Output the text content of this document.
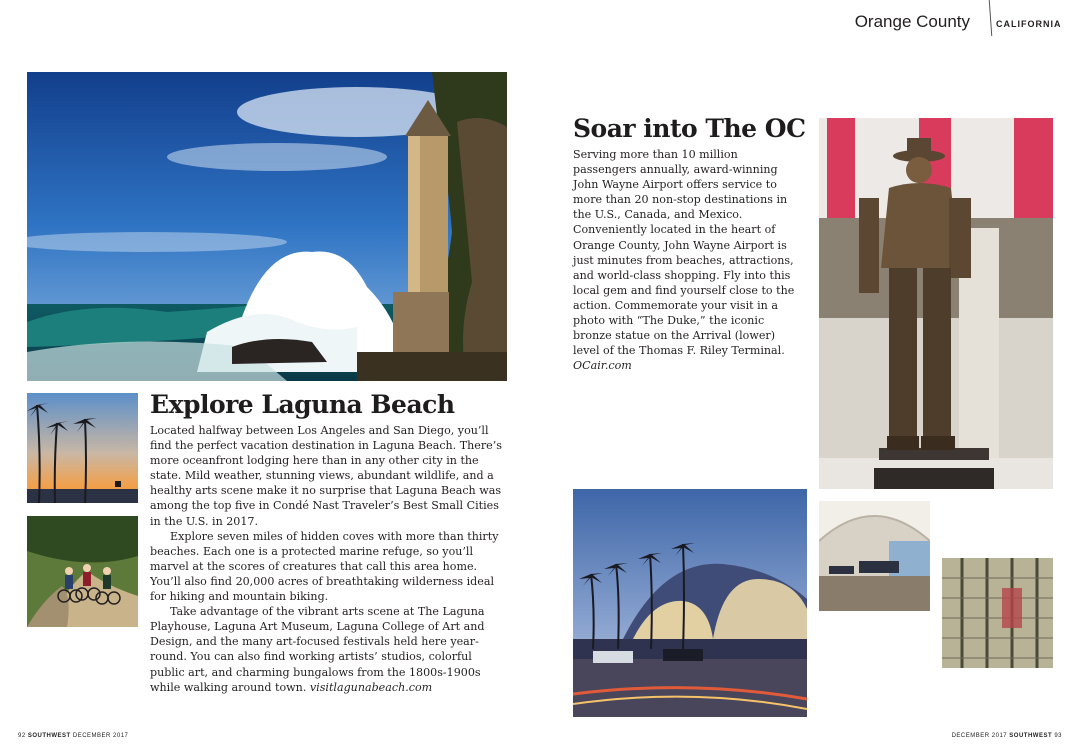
Orange County	CALIFORNIA
Explore Laguna Beach

Located halfway between Los Angeles and San Diego, you’ll find the perfect vacation destination in Laguna Beach. There’s more oceanfront lodging here than in any other city in the state. Mild weather, stunning views, abundant wildlife, and a healthy arts scene make it no surprise that Laguna Beach was among the top five in Condé Nast Traveler’s Best Small Cities in the U.S. in 2017.

Explore seven miles of hidden coves with more than thirty beaches. Each one is a protected marine refuge, so you’ll marvel at the scores of creatures that call this area home. You’ll also find 20,000 acres of breathtaking wilderness ideal for hiking and mountain biking.

Take advantage of the vibrant arts scene at The Laguna Playhouse, Laguna Art Museum, Laguna College of Art and Design, and the many art-focused festivals held here year-round. You can also find working artists’ studios, colorful public art, and charming bungalows from the 1800s-1900s while walking around town. visitlagunabeach.com

Soar into The OC

Serving more than 10 million passengers annually, award-winning John Wayne Airport offers service to more than 20 non-stop destinations in the U.S., Canada, and Mexico. Conveniently located in the heart of Orange County, John Wayne Airport is just minutes from beaches, attractions, and world-class shopping. Fly into this local gem and find yourself close to the action. Commemorate your visit in a photo with “The Duke,” the iconic bronze statue on the Arrival (lower) level of the Thomas F. Riley Terminal.

OCair.com

92 SOUTHWEST DECEMBER 2017	DECEMBER 2017 SOUTHWEST 93
